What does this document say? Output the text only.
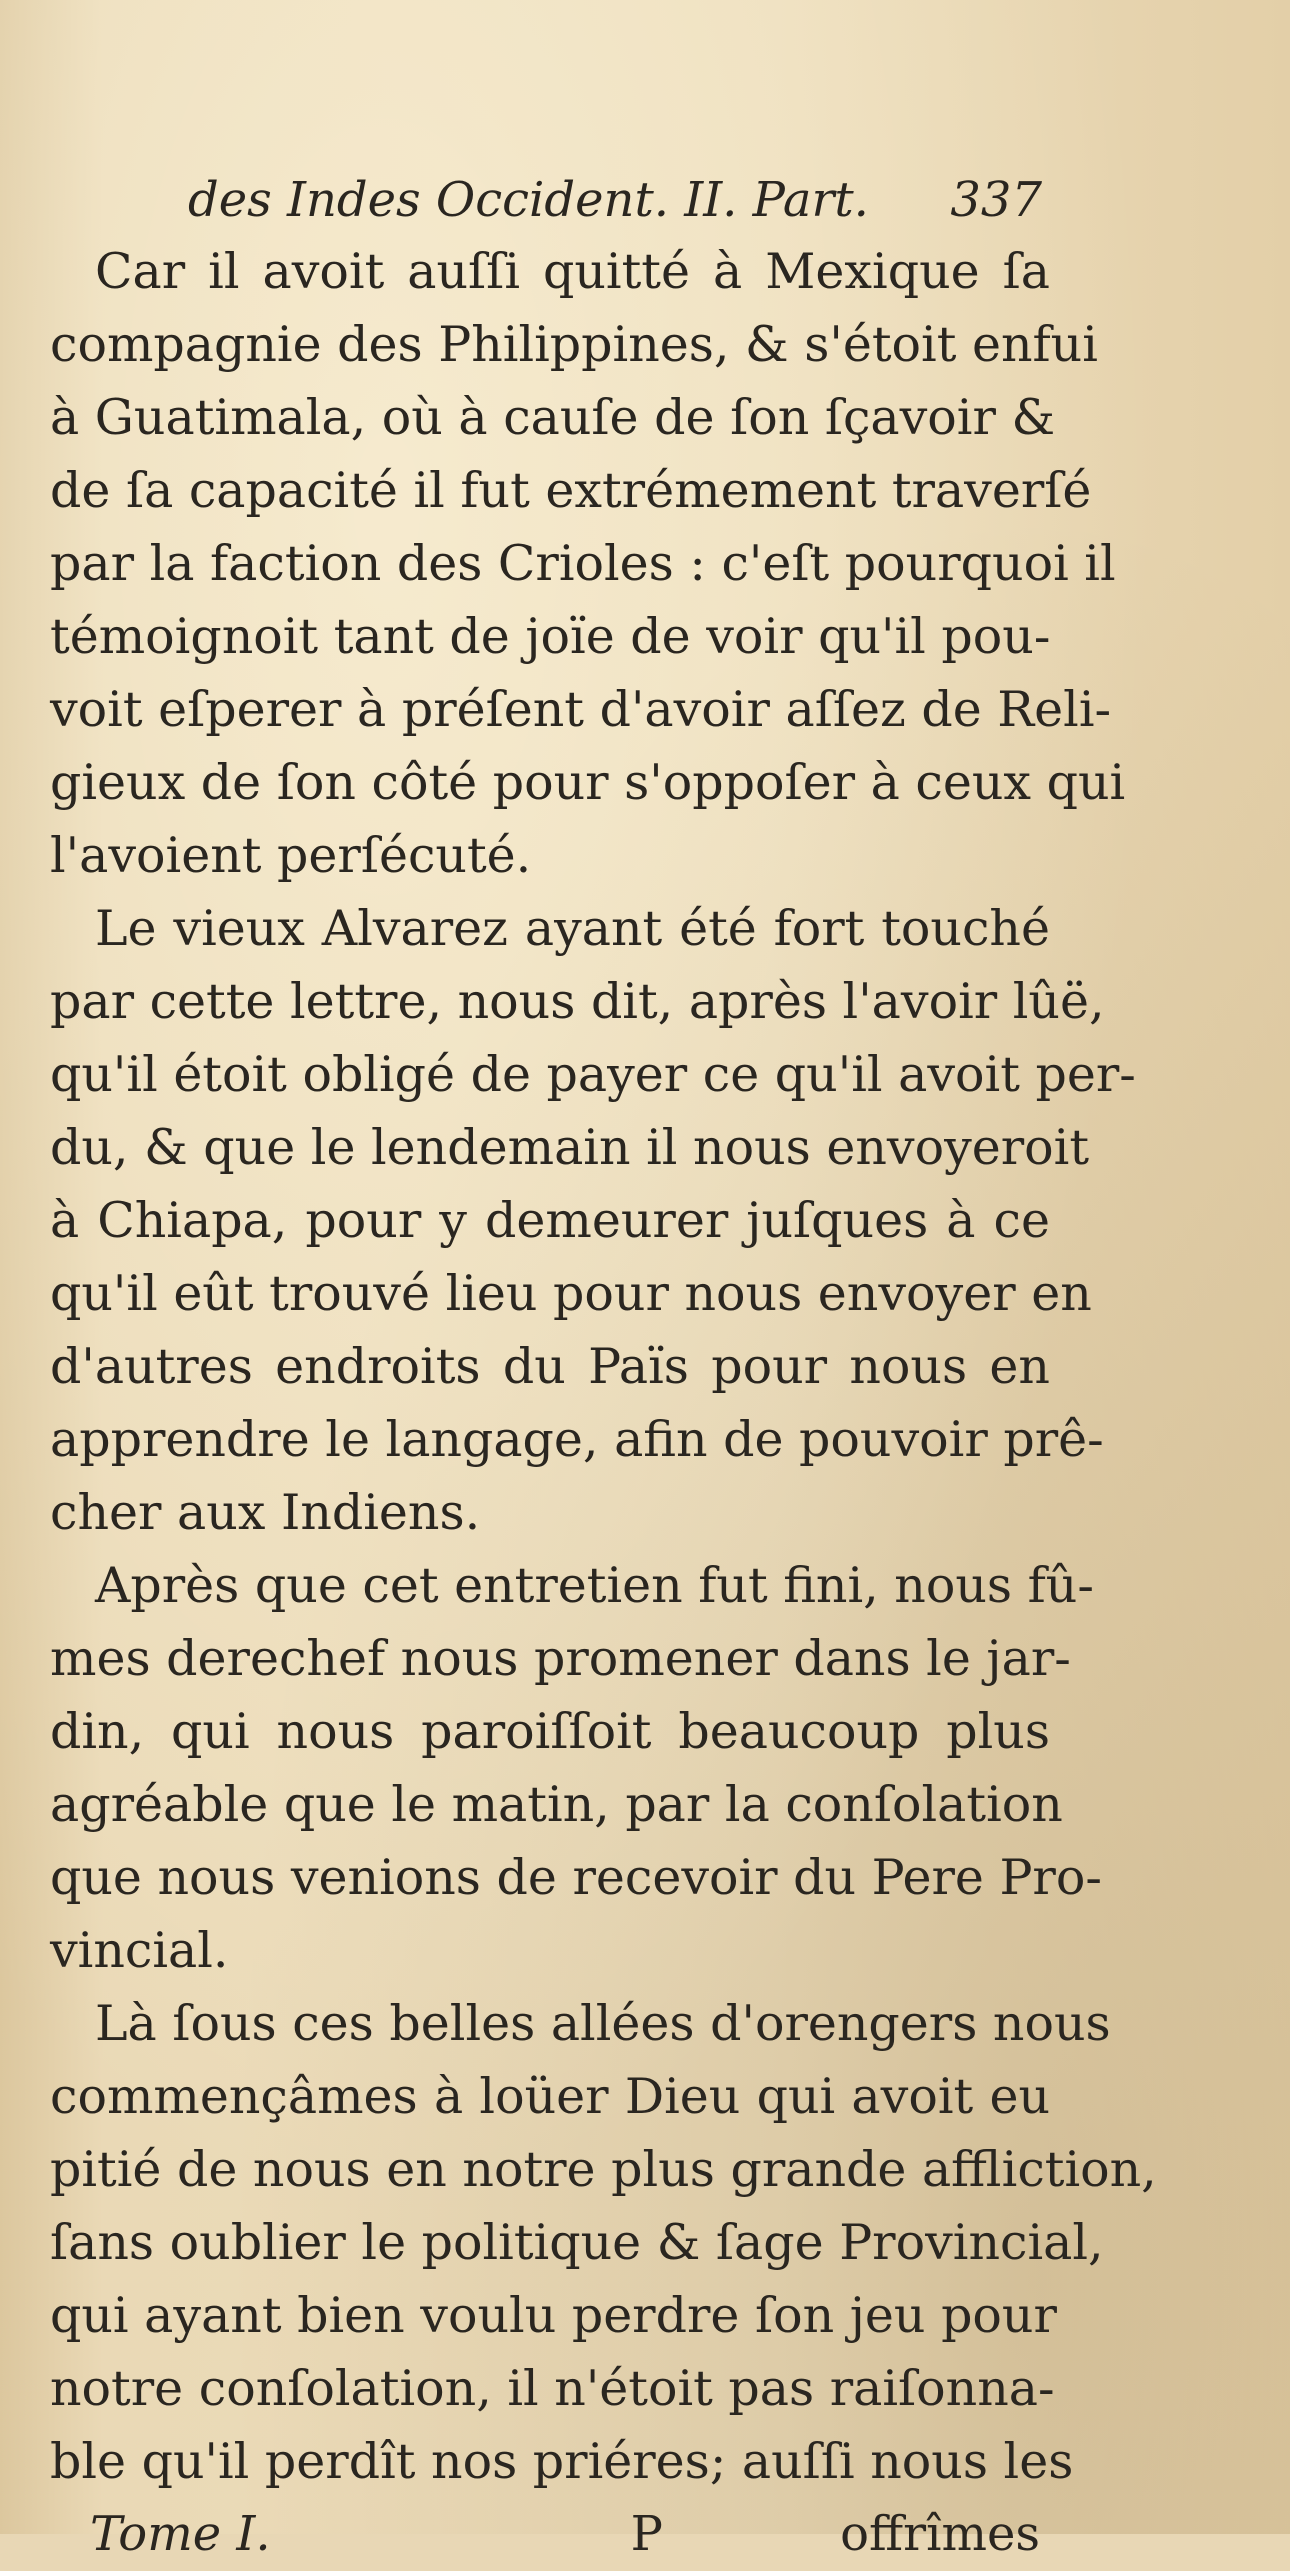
des Indes Occident. II. Part. 337
Car il avoit auſſi quitté à Mexique ſa
compagnie des Philippines, & s'étoit enfui
à Guatimala, où à cauſe de ſon ſçavoir &
de ſa capacité il fut extrémement traverſé
par la faction des Crioles : c'eſt pourquoi il
témoignoit tant de joïe de voir qu'il pou-
voit eſperer à préſent d'avoir aſſez de Reli-
gieux de ſon côté pour s'oppoſer à ceux qui
l'avoient perſécuté.
Le vieux Alvarez ayant été fort touché
par cette lettre, nous dit, après l'avoir lûë,
qu'il étoit obligé de payer ce qu'il avoit per-
du, & que le lendemain il nous envoyeroit
à Chiapa, pour y demeurer juſques à ce
qu'il eût trouvé lieu pour nous envoyer en
d'autres endroits du Païs pour nous en
apprendre le langage, afin de pouvoir prê-
cher aux Indiens.
Après que cet entretien fut fini, nous fû-
mes derechef nous promener dans le jar-
din, qui nous paroiſſoit beaucoup plus
agréable que le matin, par la conſolation
que nous venions de recevoir du Pere Pro-
vincial.
Là ſous ces belles allées d'orengers nous
commençâmes à loüer Dieu qui avoit eu
pitié de nous en notre plus grande affliction,
ſans oublier le politique & ſage Provincial,
qui ayant bien voulu perdre ſon jeu pour
notre conſolation, il n'étoit pas raiſonna-
ble qu'il perdît nos priéres; auſſi nous les
Tome I.	P	offrîmes
